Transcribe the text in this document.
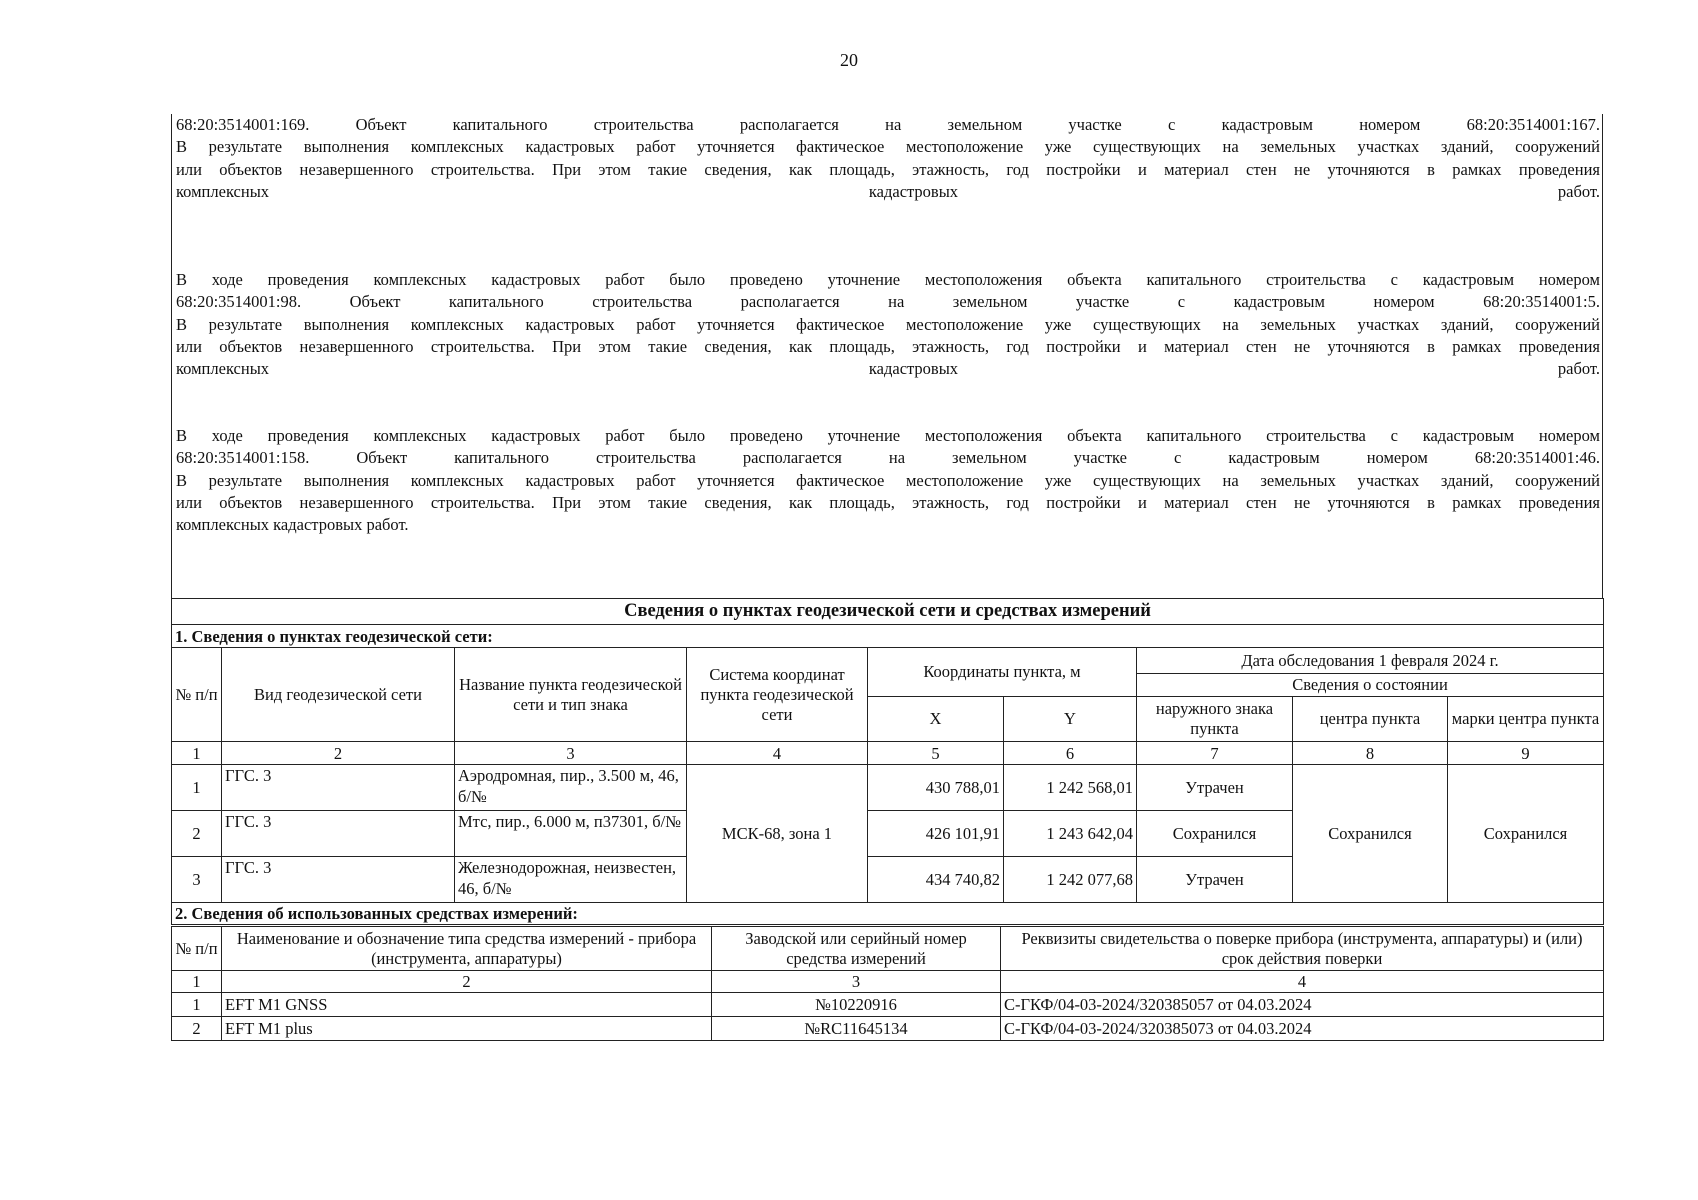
20
68:20:3514001:169. Объект капитального строительства располагается на земельном участке с кадастровым номером 68:20:3514001:167.
В результате выполнения комплексных кадастровых работ уточняется фактическое местоположение уже существующих на земельных участках зданий, сооружений
или объектов незавершенного строительства. При этом такие сведения, как площадь, этажность, год постройки и материал стен не уточняются в рамках проведения
комплексных кадастровых работ.
В ходе проведения комплексных кадастровых работ было проведено уточнение местоположения объекта капитального строительства с кадастровым номером
68:20:3514001:98. Объект капитального строительства располагается на земельном участке с кадастровым номером 68:20:3514001:5.
В результате выполнения комплексных кадастровых работ уточняется фактическое местоположение уже существующих на земельных участках зданий, сооружений
или объектов незавершенного строительства. При этом такие сведения, как площадь, этажность, год постройки и материал стен не уточняются в рамках проведения
комплексных кадастровых работ.
В ходе проведения комплексных кадастровых работ было проведено уточнение местоположения объекта капитального строительства с кадастровым номером
68:20:3514001:158. Объект капитального строительства располагается на земельном участке с кадастровым номером 68:20:3514001:46.
В результате выполнения комплексных кадастровых работ уточняется фактическое местоположение уже существующих на земельных участках зданий, сооружений
или объектов незавершенного строительства. При этом такие сведения, как площадь, этажность, год постройки и материал стен не уточняются в рамках проведения
комплексных кадастровых работ.
Сведения о пунктах геодезической сети и средствах измерений								
1. Сведения о пунктах геодезической сети:								
№ п/п	Вид геодезической сети	Название пункта геодезической сети и тип знака	Система координат пункта геодезической сети	Координаты пункта, м		Дата обследования 1 февраля 2024 г.		
						Сведения о состоянии		
				X	Y	наружного знака пункта	центра пункта	марки центра пункта
1	2	3	4	5	6	7	8	9
1	ГГС. 3	Аэродромная, пир., 3.500 м, 46, б/№	МСК-68, зона 1	430 788,01	1 242 568,01	Утрачен	Сохранился	Сохранился
2	ГГС. 3	Мтс, пир., 6.000 м, п37301, б/№		426 101,91	1 243 642,04	Сохранился		
3	ГГС. 3	Железнодорожная, неизвестен, 46, б/№		434 740,82	1 242 077,68	Утрачен		
2. Сведения об использованных средствах измерений:								
№ п/п	Наименование и обозначение типа средства измерений - прибора (инструмента, аппаратуры)	Заводской или серийный номер средства измерений	Реквизиты свидетельства о поверке прибора (инструмента, аппаратуры) и (или) срок действия поверки
1	2	3	4
1	EFT M1 GNSS	№10220916	С-ГКФ/04-03-2024/320385057 от 04.03.2024
2	EFT M1 plus	№RC11645134	С-ГКФ/04-03-2024/320385073 от 04.03.2024
